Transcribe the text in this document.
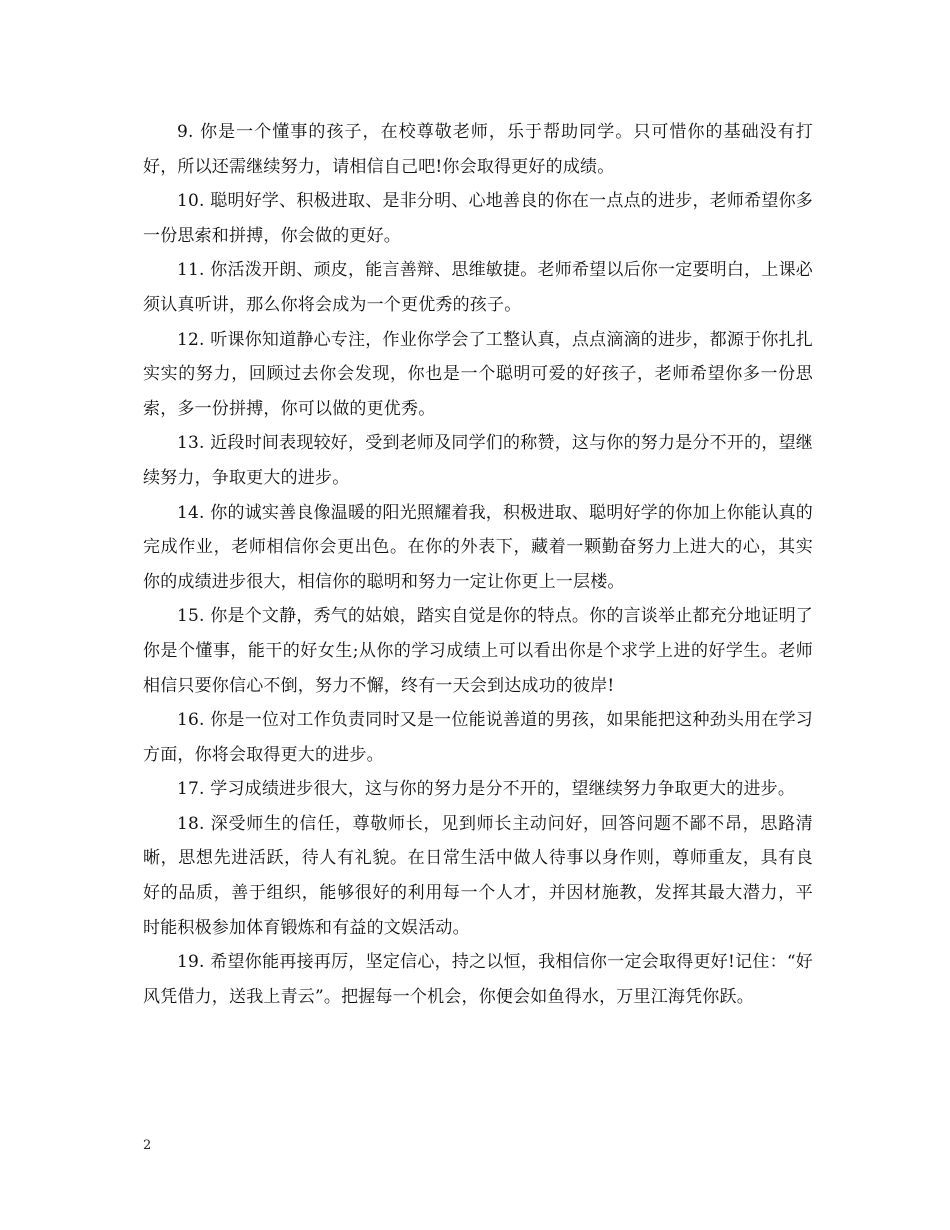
9. 你是一个懂事的孩子，在校尊敬老师，乐于帮助同学。只可惜你的基础没有打好，所以还需继续努力，请相信自己吧!你会取得更好的成绩。

10. 聪明好学、积极进取、是非分明、心地善良的你在一点点的进步，老师希望你多一份思索和拼搏，你会做的更好。

11. 你活泼开朗、顽皮，能言善辩、思维敏捷。老师希望以后你一定要明白，上课必须认真听讲，那么你将会成为一个更优秀的孩子。

12. 听课你知道静心专注，作业你学会了工整认真，点点滴滴的进步，都源于你扎扎实实的努力，回顾过去你会发现，你也是一个聪明可爱的好孩子，老师希望你多一份思索，多一份拼搏，你可以做的更优秀。

13. 近段时间表现较好，受到老师及同学们的称赞，这与你的努力是分不开的，望继续努力，争取更大的进步。

14. 你的诚实善良像温暖的阳光照耀着我，积极进取、聪明好学的你加上你能认真的完成作业，老师相信你会更出色。在你的外表下，藏着一颗勤奋努力上进大的心，其实你的成绩进步很大，相信你的聪明和努力一定让你更上一层楼。

15. 你是个文静，秀气的姑娘，踏实自觉是你的特点。你的言谈举止都充分地证明了你是个懂事，能干的好女生;从你的学习成绩上可以看出你是个求学上进的好学生。老师相信只要你信心不倒，努力不懈，终有一天会到达成功的彼岸!

16. 你是一位对工作负责同时又是一位能说善道的男孩，如果能把这种劲头用在学习方面，你将会取得更大的进步。

17. 学习成绩进步很大，这与你的努力是分不开的，望继续努力争取更大的进步。

18. 深受师生的信任，尊敬师长，见到师长主动问好，回答问题不鄙不昂，思路清晰，思想先进活跃，待人有礼貌。在日常生活中做人待事以身作则，尊师重友，具有良好的品质，善于组织，能够很好的利用每一个人才，并因材施教，发挥其最大潜力，平时能积极参加体育锻炼和有益的文娱活动。

19. 希望你能再接再厉，坚定信心，持之以恒，我相信你一定会取得更好!记住：“好风凭借力，送我上青云”。把握每一个机会，你便会如鱼得水，万里江海凭你跃。

2
